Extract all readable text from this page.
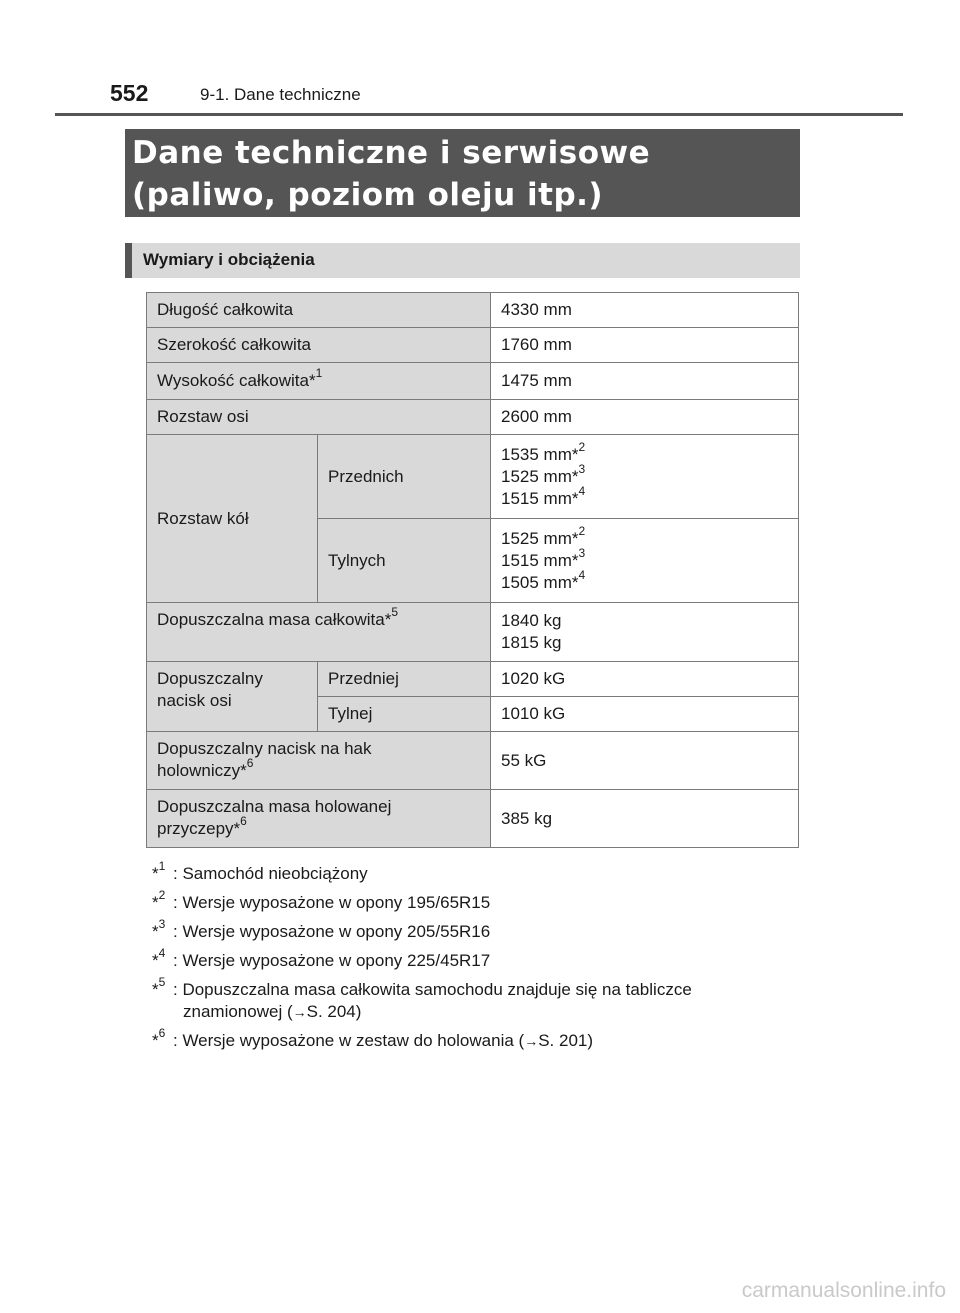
552	9-1. Dane techniczne
Dane techniczne i serwisowe
(paliwo, poziom oleju itp.)
Wymiary i obciążenia
Długość całkowita		4330 mm
Szerokość całkowita		1760 mm
Wysokość całkowita*$^1$		1475 mm
Rozstaw osi		2600 mm
Rozstaw kół	Przednich	1535 mm*$^2$
1525 mm*$^3$
1515 mm*$^4$

	Tylnych	1525 mm*$^2$
1515 mm*$^3$
1505 mm*$^4$

Dopuszczalna masa całkowita*$^5$		1840 kg
1815 kg

Dopuszczalny
nacisk osi	Przedniej	1020 kG
	Tylnej	1010 kG

Dopuszczalny nacisk na hak
holowniczy*$^6$		55 kG

Dopuszczalna masa holowanej
przyczepy*$^6$		385 kg
*$^1$ : Samochód nieobciążony
*$^2$ : Wersje wyposażone w opony 195/65R15
*$^3$ : Wersje wyposażone w opony 205/55R16
*$^4$ : Wersje wyposażone w opony 225/45R17
*$^5$ : Dopuszczalna masa całkowita samochodu znajduje się na tabliczce
znamionowej (→S. 204)
*$^6$ : Wersje wyposażone w zestaw do holowania (→S. 201)
carmanualsonline.info
